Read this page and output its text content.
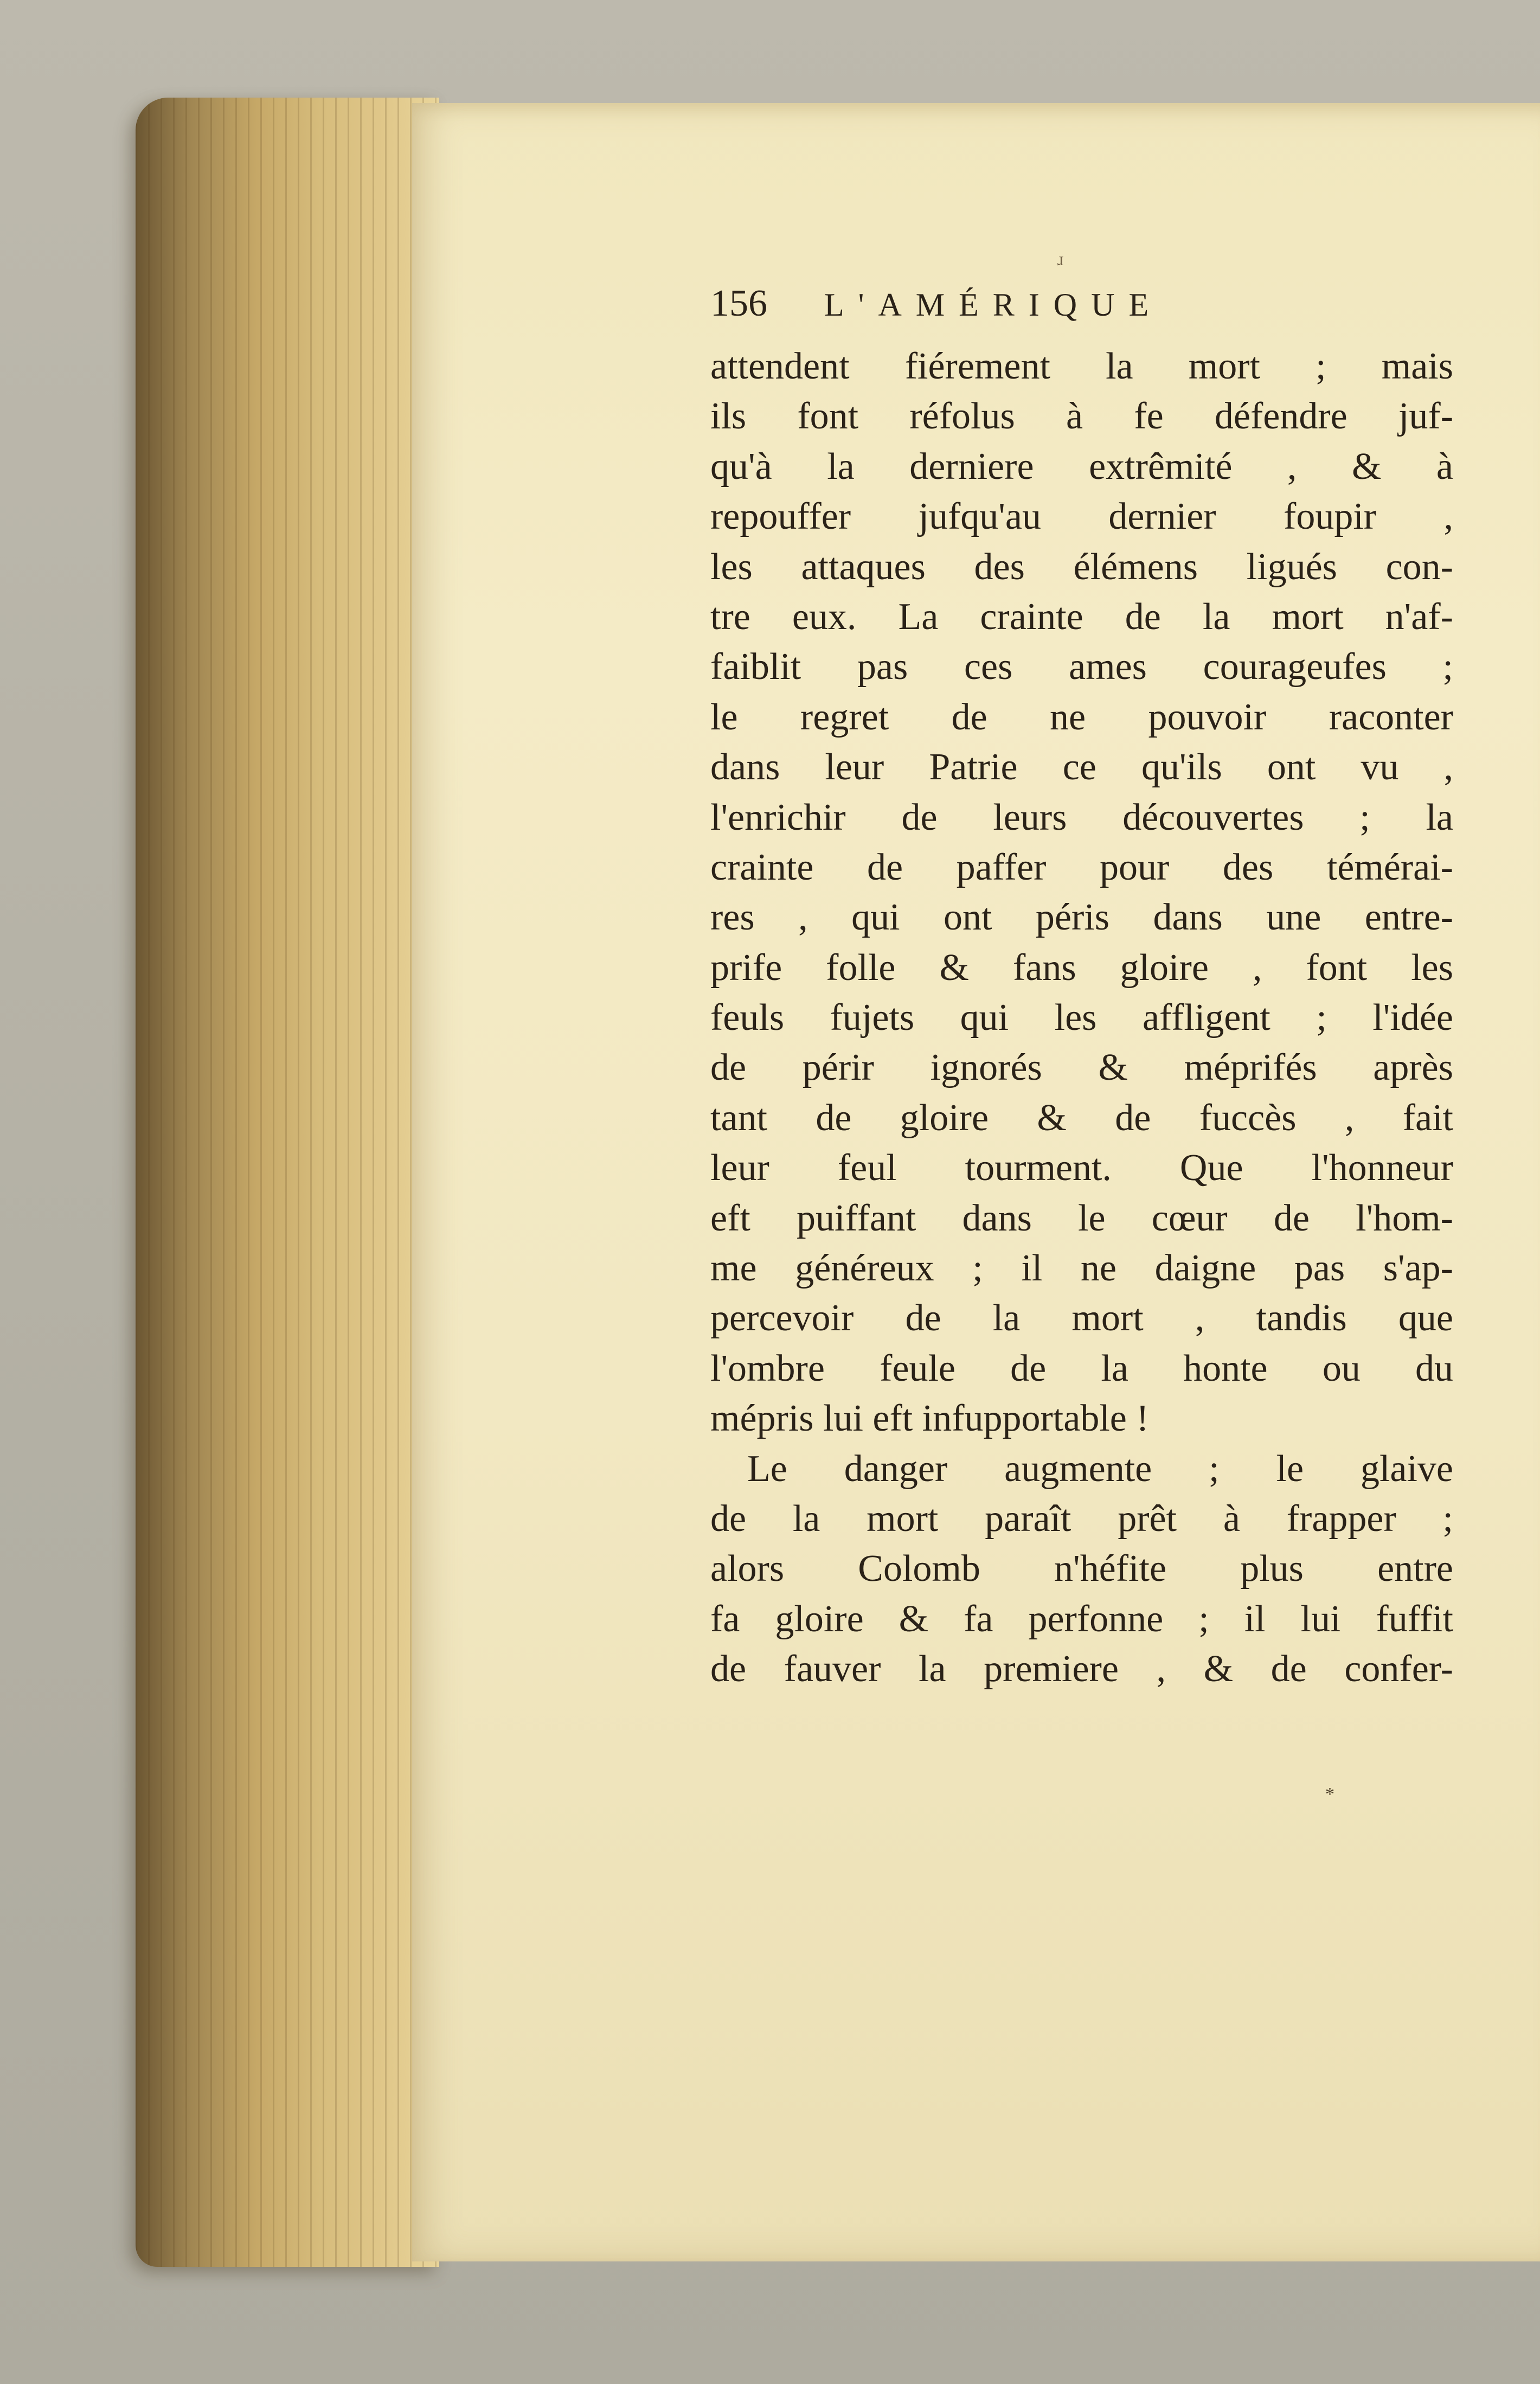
ɹ
156	L'AMÉRIQUE
attendent fiérement la mort ; mais
ils font réfolus à fe défendre juf-
qu'à la derniere extrêmité , & à
repouffer jufqu'au dernier foupir ,
les attaques des élémens ligués con-
tre eux. La crainte de la mort n'af-
faiblit pas ces ames courageufes ;
le regret de ne pouvoir raconter
dans leur Patrie ce qu'ils ont vu ,
l'enrichir de leurs découvertes ; la
crainte de paffer pour des témérai-
res , qui ont péris dans une entre-
prife folle & fans gloire , font les
feuls fujets qui les affligent ; l'idée
de périr ignorés & méprifés après
tant de gloire & de fuccès , fait
leur feul tourment. Que l'honneur
eft puiffant dans le cœur de l'hom-
me généreux ; il ne daigne pas s'ap-
percevoir de la mort , tandis que
l'ombre feule de la honte ou du
mépris lui eft infupportable !
Le danger augmente ; le glaive
de la mort paraît prêt à frapper ;
alors Colomb n'héfite plus entre
fa gloire & fa perfonne ; il lui fuffit
de fauver la premiere , & de confer-
*
